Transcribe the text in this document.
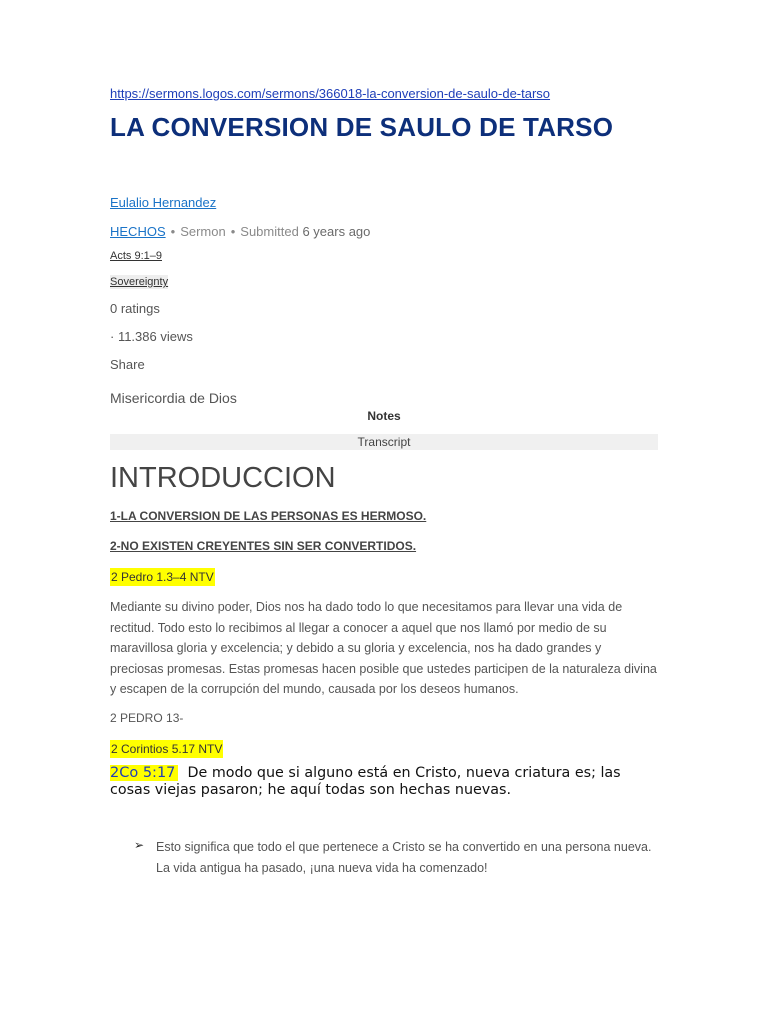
https://sermons.logos.com/sermons/366018-la-conversion-de-saulo-de-tarso
LA CONVERSION DE SAULO DE TARSO
Eulalio Hernandez
HECHOS • Sermon • Submitted 6 years ago
Acts 9:1–9
Sovereignty
0 ratings
· 11.386 views
Share
Misericordia de Dios
Notes
Transcript
INTRODUCCION
1-LA CONVERSION DE LAS PERSONAS ES HERMOSO.
2-NO EXISTEN CREYENTES SIN SER CONVERTIDOS.
2 Pedro 1.3–4 NTV
Mediante su divino poder, Dios nos ha dado todo lo que necesitamos para llevar una vida de rectitud. Todo esto lo recibimos al llegar a conocer a aquel que nos llamó por medio de su maravillosa gloria y excelencia; y debido a su gloria y excelencia, nos ha dado grandes y preciosas promesas. Estas promesas hacen posible que ustedes participen de la naturaleza divina y escapen de la corrupción del mundo, causada por los deseos humanos.
2 PEDRO 13-
2 Corintios 5.17 NTV
2Co 5:17 De modo que si alguno está en Cristo, nueva criatura es; las cosas viejas pasaron; he aquí todas son hechas nuevas.
➢ Esto significa que todo el que pertenece a Cristo se ha convertido en una persona nueva. La vida antigua ha pasado, ¡una nueva vida ha comenzado!
